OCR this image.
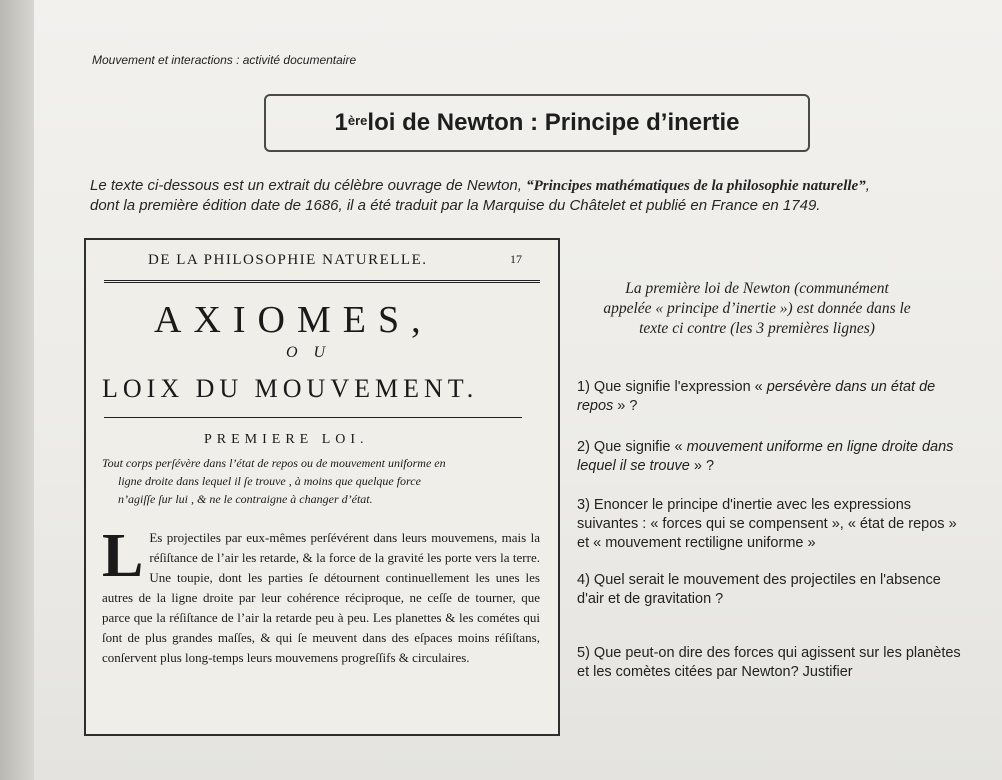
Mouvement et interactions : activité documentaire
1ère loi de Newton : Principe d’inertie
Le texte ci-dessous est un extrait du célèbre ouvrage de Newton, “Principes mathématiques de la philosophie naturelle”,
dont la première édition date de 1686, il a été traduit par la Marquise du Châtelet et publié en France en 1749.
DE LA PHILOSOPHIE NATURELLE.	17
AXIOMES,
O U
LOIX DU MOUVEMENT.
PREMIERE LOI.
Tout corps perſévère dans l’état de repos ou de mouvement uniforme en
ligne droite dans lequel il ſe trouve , à moins que quelque force
n’agiſſe ſur lui , & ne le contraigne à changer d’état.
L Es projectiles par eux-mêmes perſévérent dans leurs mouvemens, mais la réſiſtance de l’air les retarde, & la force de la gravité les porte vers la terre. Une toupie, dont les parties ſe détournent continuellement les unes les autres de la ligne droite par leur cohérence réciproque, ne ceſſe de tourner, que parce que la réſiſtance de l’air la retarde peu à peu. Les planettes & les cométes qui ſont de plus grandes maſſes, & qui ſe meuvent dans des eſpaces moins réſiſtans, conſervent plus long-temps leurs mouvemens progreſſifs & circulaires.
La première loi de Newton (communément
appelée « principe d’inertie ») est donnée dans le
texte ci contre (les 3 premières lignes)
1) Que signifie l'expression « persévère dans un état de repos » ?
2) Que signifie « mouvement uniforme en ligne droite dans lequel il se trouve » ?
3) Enoncer le principe d'inertie avec les expressions suivantes : « forces qui se compensent », « état de repos » et « mouvement rectiligne uniforme »
4) Quel serait le mouvement des projectiles en l'absence d'air et de gravitation ?
5) Que peut-on dire des forces qui agissent sur les planètes et les comètes citées par Newton? Justifier
